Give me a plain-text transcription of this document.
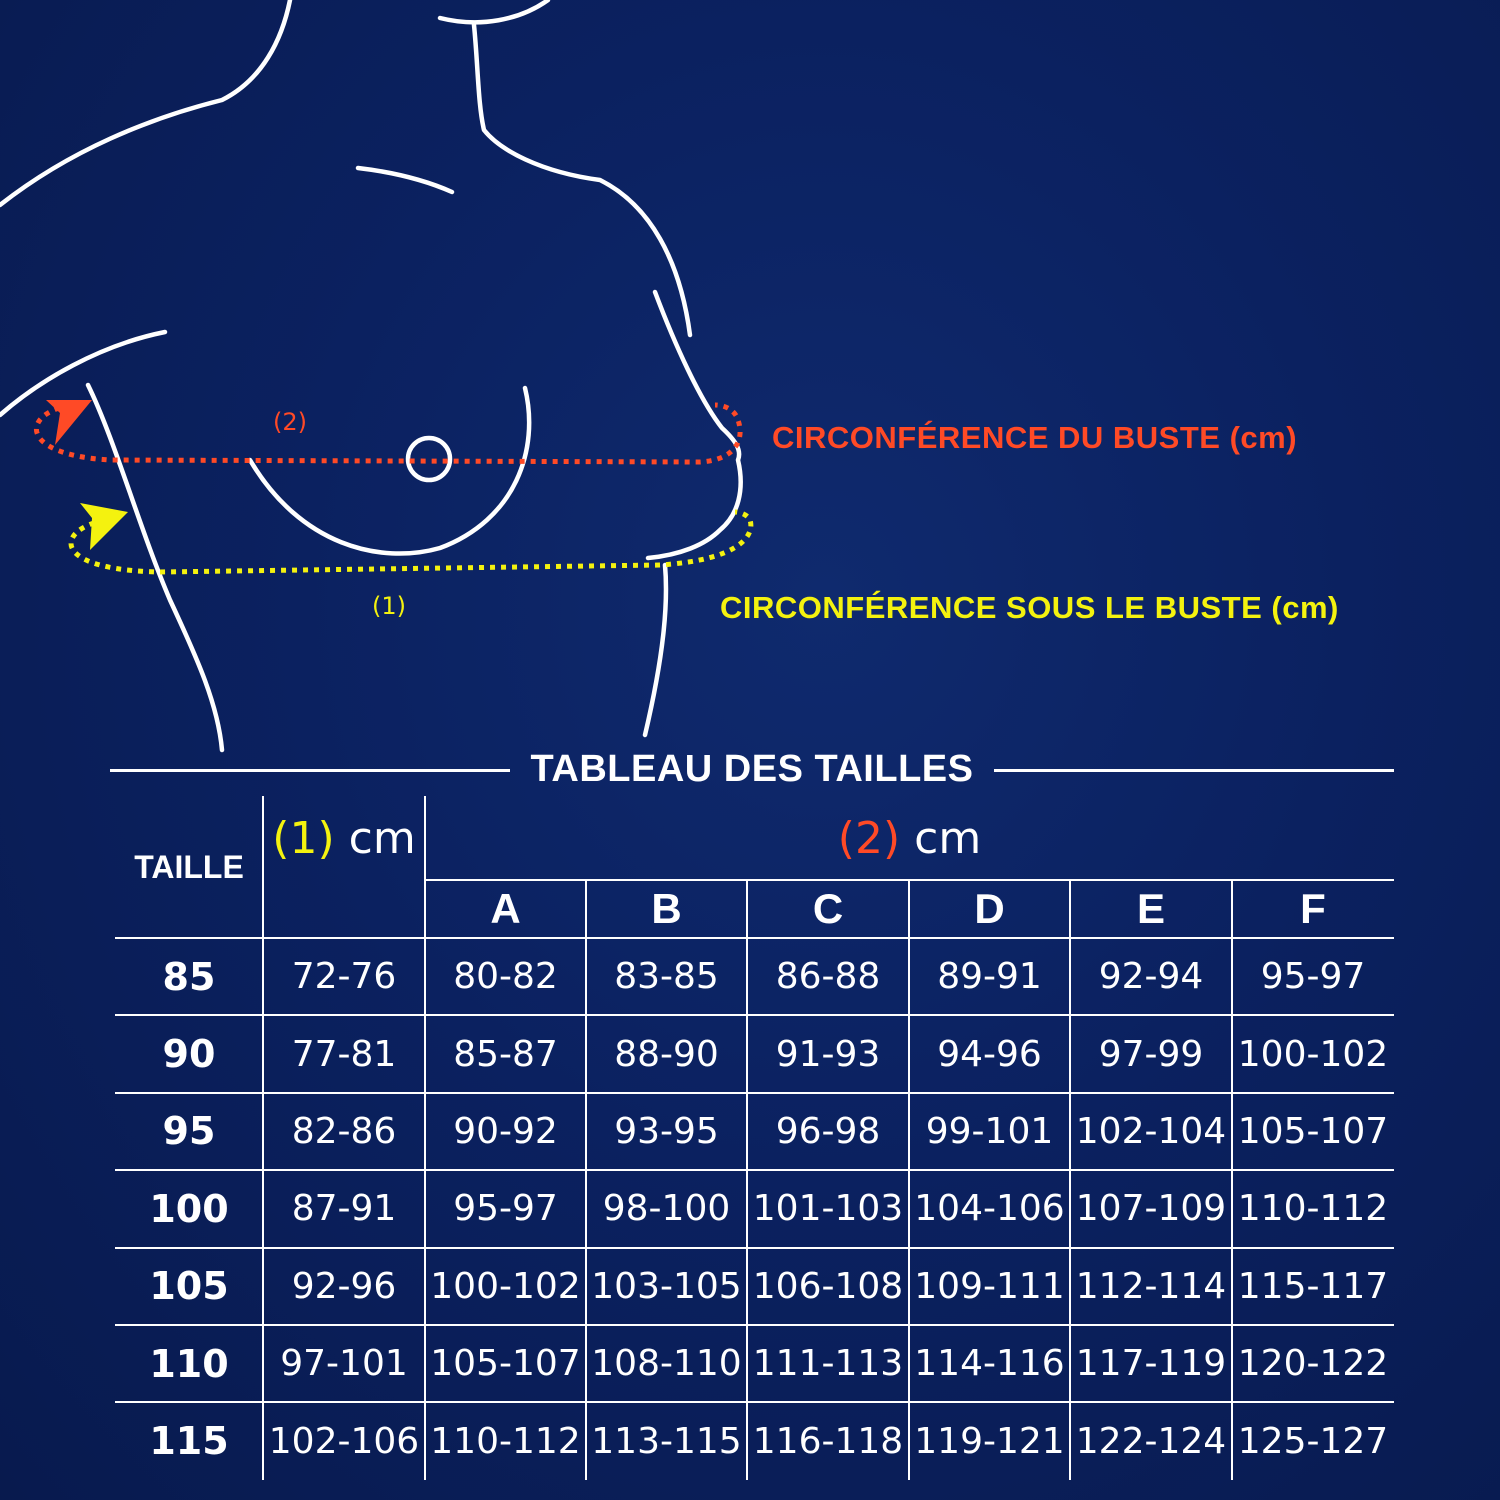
(2)
(1)
CIRCONFÉRENCE DU BUSTE (cm)
CIRCONFÉRENCE SOUS LE BUSTE (cm)
TABLEAU DES TAILLES
TAILLE
(1) cm	(2) cm
A	B	C	D	E	F
85	72-76	80-82	83-85	86-88	89-91	92-94	95-97
90	77-81	85-87	88-90	91-93	94-96	97-99 100-102
95	82-86	90-92	93-95	96-98	99-101 102-104 105-107
100	87-91	95-97	98-100 101-103 104-106 107-109 110-112
105	92-96 100-102 103-105 106-108 109-111 112-114 115-117
110	97-101 105-107 108-110 111-113 114-116 117-119 120-122
115	102-106 110-112 113-115 116-118 119-121 122-124 125-127
